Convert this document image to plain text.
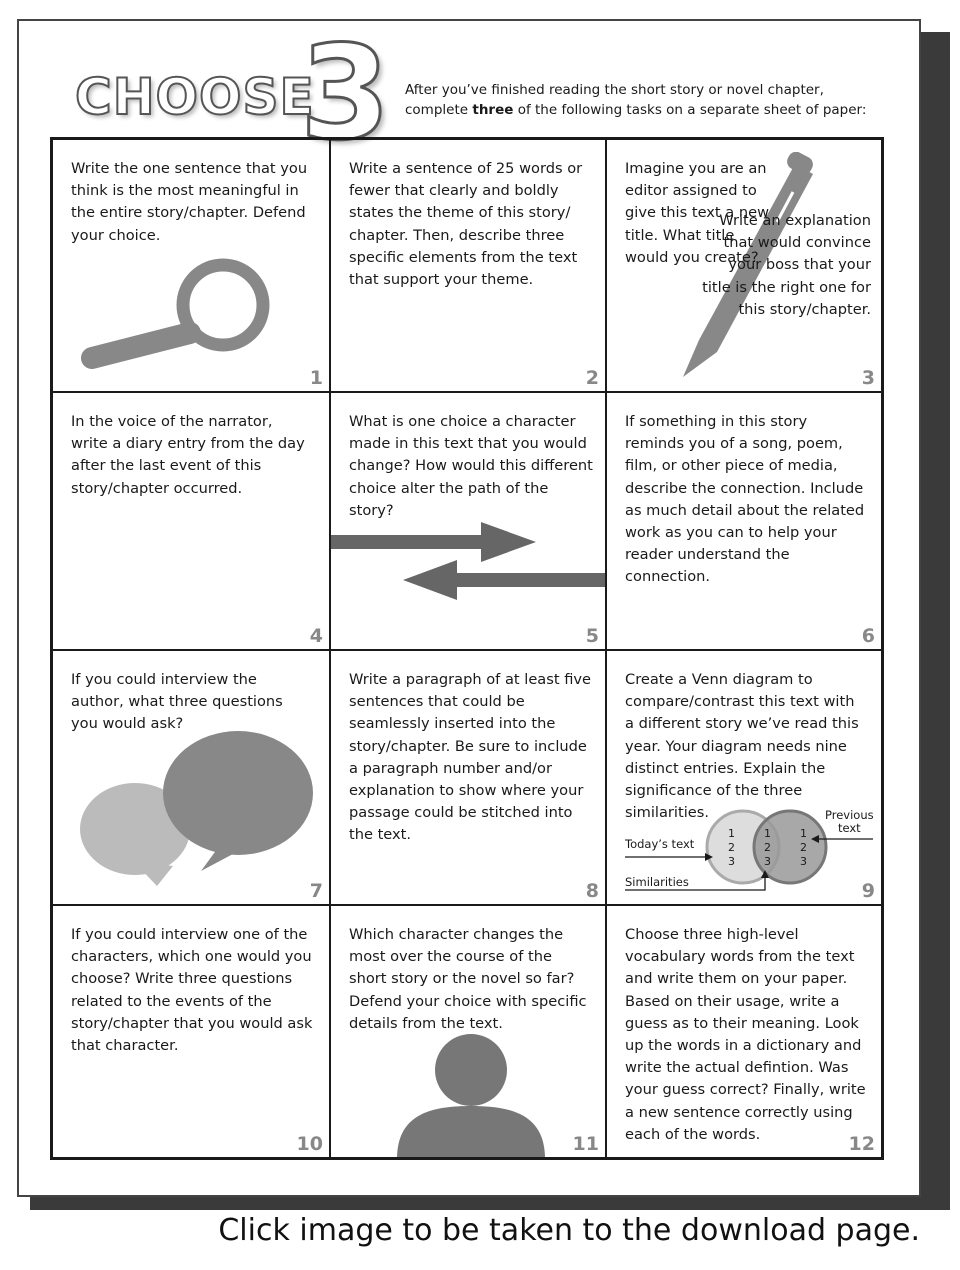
CHOOSE
3 After you’ve finished reading the short story or novel chapter, complete three of the following tasks on a separate sheet of paper:

Write the one sentence that you think is the most meaningful in the entire story/chapter. Defend your choice.

1

Write a sentence of 25 words or fewer that clearly and boldly states the theme of this story/ chapter. Then, describe three specific elements from the text that support your theme.

2

Imagine you are an editor assigned to give this text a new title. What title would you create?

Write an explanation that would convince your boss that your title is the right one for this story/chapter.

3

In the voice of the narrator, write a diary entry from the day after the last event of this story/chapter occurred.

4

What is one choice a character made in this text that you would change? How would this different choice alter the path of the story?

5

If something in this story reminds you of a song, poem, film, or other piece of media, describe the connection. Include as much detail about the related work as you can to help your reader understand the connection.

6

If you could interview the author, what three questions you would ask?

7

Write a paragraph of at least five sentences that could be seamlessly inserted into the story/chapter. Be sure to include a paragraph number and/or explanation to show where your passage could be stitched into the text.

8

Create a Venn diagram to compare/contrast this text with a different story we’ve read this year. Your diagram needs nine distinct entries. Explain the significance of the three similarities.

Today’s text
Previous
text
Similarities
1
2
3
1
2
3
1
2
3
9

If you could interview one of the characters, which one would you choose? Write three questions related to the events of the story/chapter that you would ask that character.

10

Which character changes the most over the course of the short story or the novel so far? Defend your choice with specific details from the text.

11

Choose three high-level vocabulary words from the text and write them on your paper. Based on their usage, write a guess as to their meaning. Look up the words in a dictionary and write the actual defintion. Was your guess correct? Finally, write a new sentence correctly using each of the words.	12
Click image to be taken to the download page.
